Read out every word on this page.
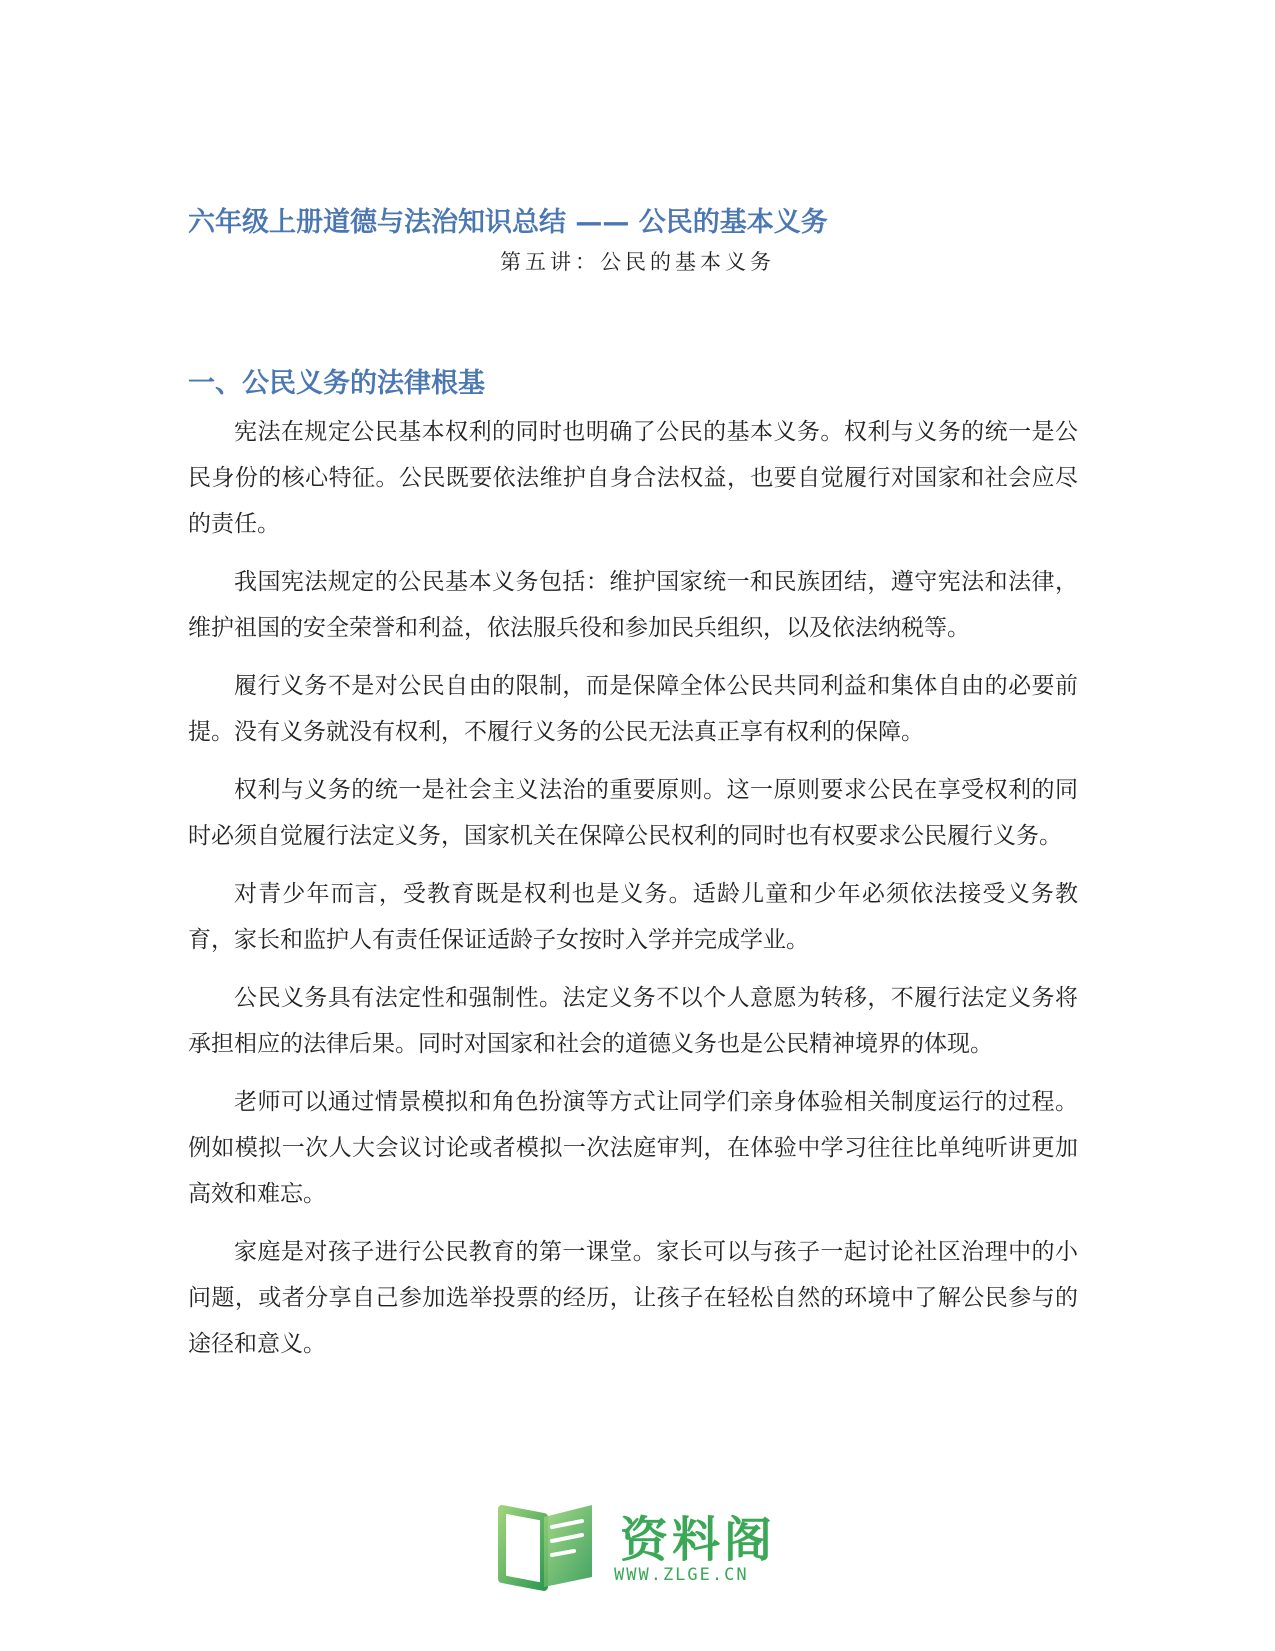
六年级上册道德与法治知识总结 —— 公民的基本义务
第五讲：公民的基本义务
一、公民义务的法律根基

宪法在规定公民基本权利的同时也明确了公民的基本义务。权利与义务的统一是公民身份的核心特征。公民既要依法维护自身合法权益，也要自觉履行对国家和社会应尽的责任。

我国宪法规定的公民基本义务包括：维护国家统一和民族团结，遵守宪法和法律，维护祖国的安全荣誉和利益，依法服兵役和参加民兵组织，以及依法纳税等。

履行义务不是对公民自由的限制，而是保障全体公民共同利益和集体自由的必要前提。没有义务就没有权利，不履行义务的公民无法真正享有权利的保障。

权利与义务的统一是社会主义法治的重要原则。这一原则要求公民在享受权利的同时必须自觉履行法定义务，国家机关在保障公民权利的同时也有权要求公民履行义务。

对青少年而言，受教育既是权利也是义务。适龄儿童和少年必须依法接受义务教育，家长和监护人有责任保证适龄子女按时入学并完成学业。

公民义务具有法定性和强制性。法定义务不以个人意愿为转移，不履行法定义务将承担相应的法律后果。同时对国家和社会的道德义务也是公民精神境界的体现。

老师可以通过情景模拟和角色扮演等方式让同学们亲身体验相关制度运行的过程。例如模拟一次人大会议讨论或者模拟一次法庭审判，在体验中学习往往比单纯听讲更加高效和难忘。

家庭是对孩子进行公民教育的第一课堂。家长可以与孩子一起讨论社区治理中的小问题，或者分享自己参加选举投票的经历，让孩子在轻松自然的环境中了解公民参与的途径和意义。

资料阁
WWW.ZLGE.CN
